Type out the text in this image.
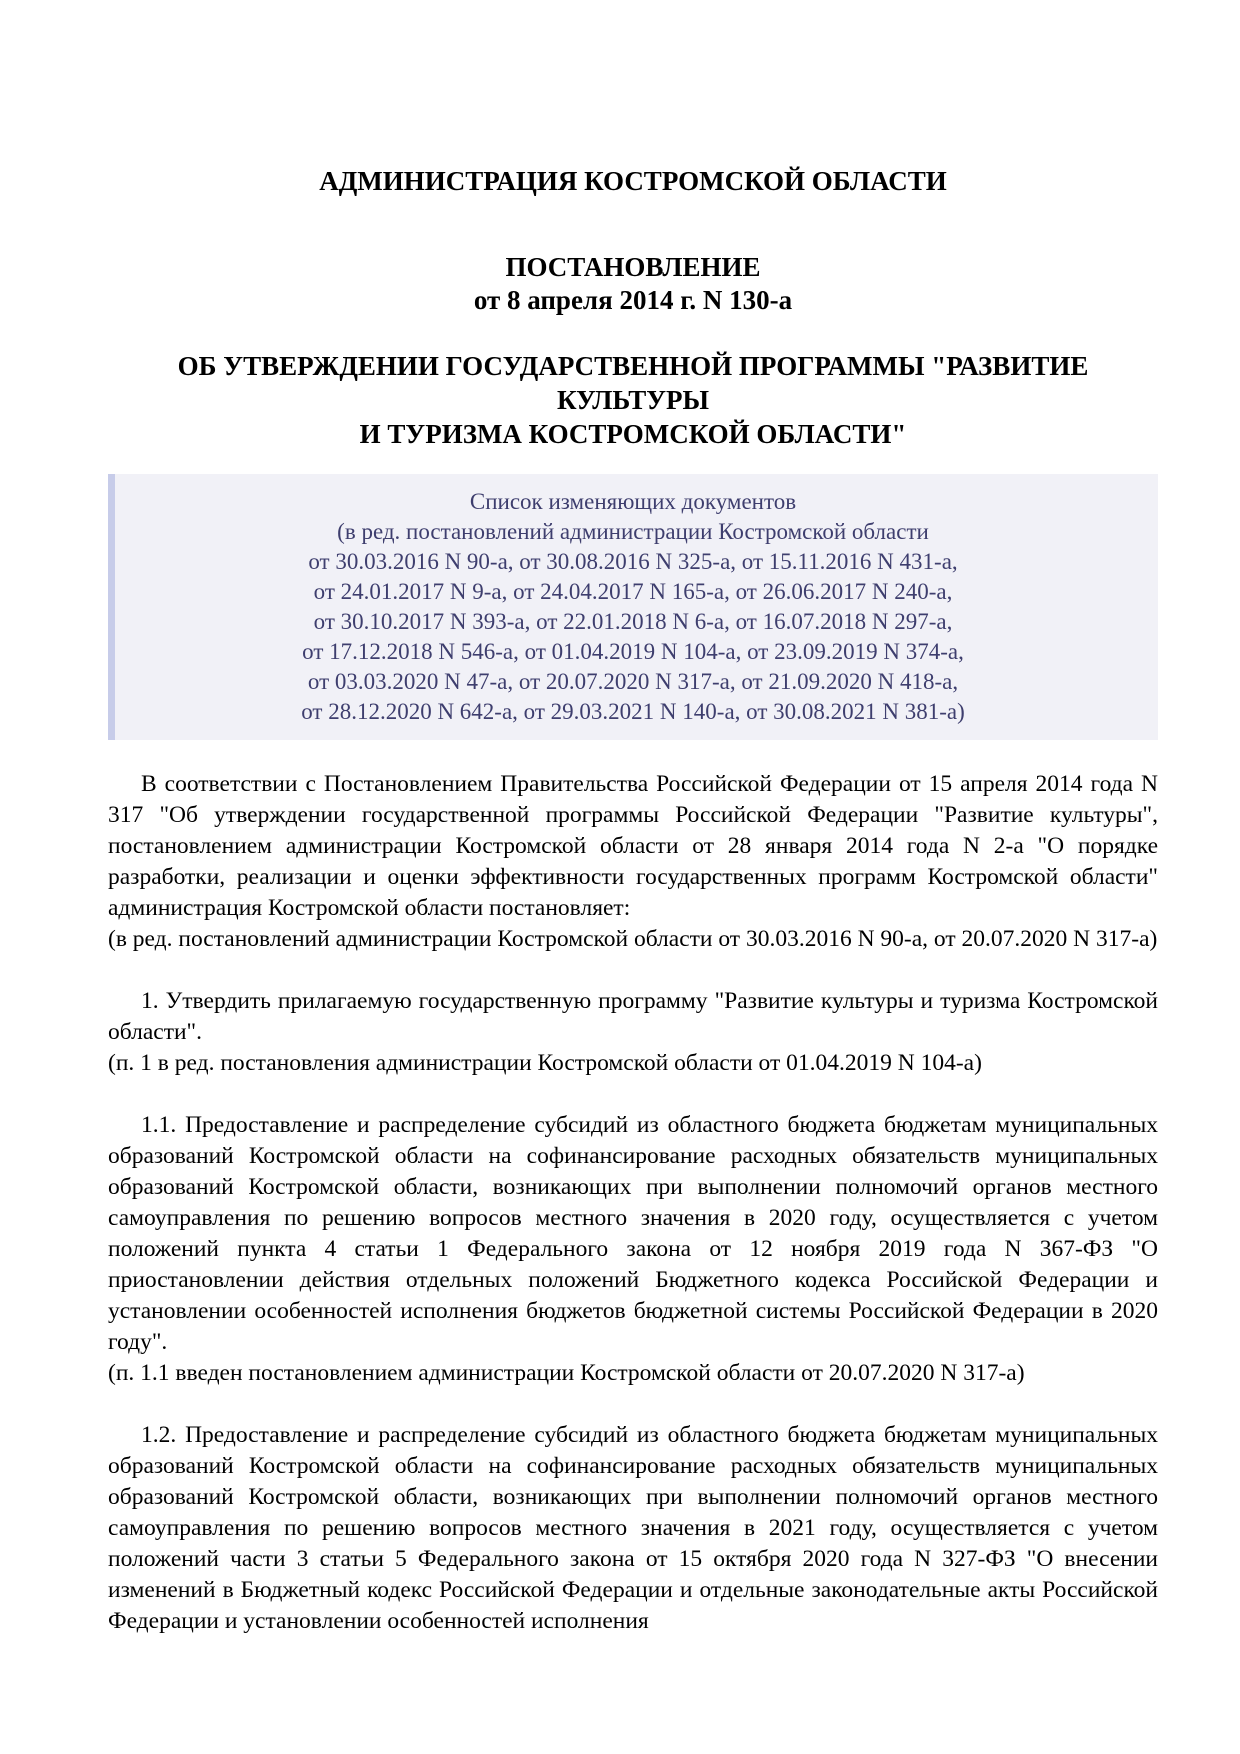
АДМИНИСТРАЦИЯ КОСТРОМСКОЙ ОБЛАСТИ
ПОСТАНОВЛЕНИЕ
от 8 апреля 2014 г. N 130-а
ОБ УТВЕРЖДЕНИИ ГОСУДАРСТВЕННОЙ ПРОГРАММЫ "РАЗВИТИЕ
КУЛЬТУРЫ
И ТУРИЗМА КОСТРОМСКОЙ ОБЛАСТИ"
Список изменяющих документов
(в ред. постановлений администрации Костромской области
от 30.03.2016 N 90-а, от 30.08.2016 N 325-а, от 15.11.2016 N 431-а,
от 24.01.2017 N 9-а, от 24.04.2017 N 165-а, от 26.06.2017 N 240-а,
от 30.10.2017 N 393-а, от 22.01.2018 N 6-а, от 16.07.2018 N 297-а,
от 17.12.2018 N 546-а, от 01.04.2019 N 104-а, от 23.09.2019 N 374-а,
от 03.03.2020 N 47-а, от 20.07.2020 N 317-а, от 21.09.2020 N 418-а,
от 28.12.2020 N 642-а, от 29.03.2021 N 140-а, от 30.08.2021 N 381-а)

В соответствии с Постановлением Правительства Российской Федерации от 15 апреля 2014 года N 317 "Об утверждении государственной программы Российской Федерации "Развитие культуры", постановлением администрации Костромской области от 28 января 2014 года N 2-а "О порядке разработки, реализации и оценки эффективности государственных программ Костромской области" администрация Костромской области постановляет:

(в ред. постановлений администрации Костромской области от 30.03.2016 N 90-а, от 20.07.2020 N 317-а)

1. Утвердить прилагаемую государственную программу "Развитие культуры и туризма Костромской области".

(п. 1 в ред. постановления администрации Костромской области от 01.04.2019 N 104-а)

1.1. Предоставление и распределение субсидий из областного бюджета бюджетам муниципальных образований Костромской области на софинансирование расходных обязательств муниципальных образований Костромской области, возникающих при выполнении полномочий органов местного самоуправления по решению вопросов местного значения в 2020 году, осуществляется с учетом положений пункта 4 статьи 1 Федерального закона от 12 ноября 2019 года N 367-ФЗ "О приостановлении действия отдельных положений Бюджетного кодекса Российской Федерации и установлении особенностей исполнения бюджетов бюджетной системы Российской Федерации в 2020 году".

(п. 1.1 введен постановлением администрации Костромской области от 20.07.2020 N 317-а)

1.2. Предоставление и распределение субсидий из областного бюджета бюджетам муниципальных образований Костромской области на софинансирование расходных обязательств муниципальных образований Костромской области, возникающих при выполнении полномочий органов местного самоуправления по решению вопросов местного значения в 2021 году, осуществляется с учетом положений части 3 статьи 5 Федерального закона от 15 октября 2020 года N 327-ФЗ "О внесении изменений в Бюджетный кодекс Российской Федерации и отдельные законодательные акты Российской Федерации и установлении особенностей исполнения
